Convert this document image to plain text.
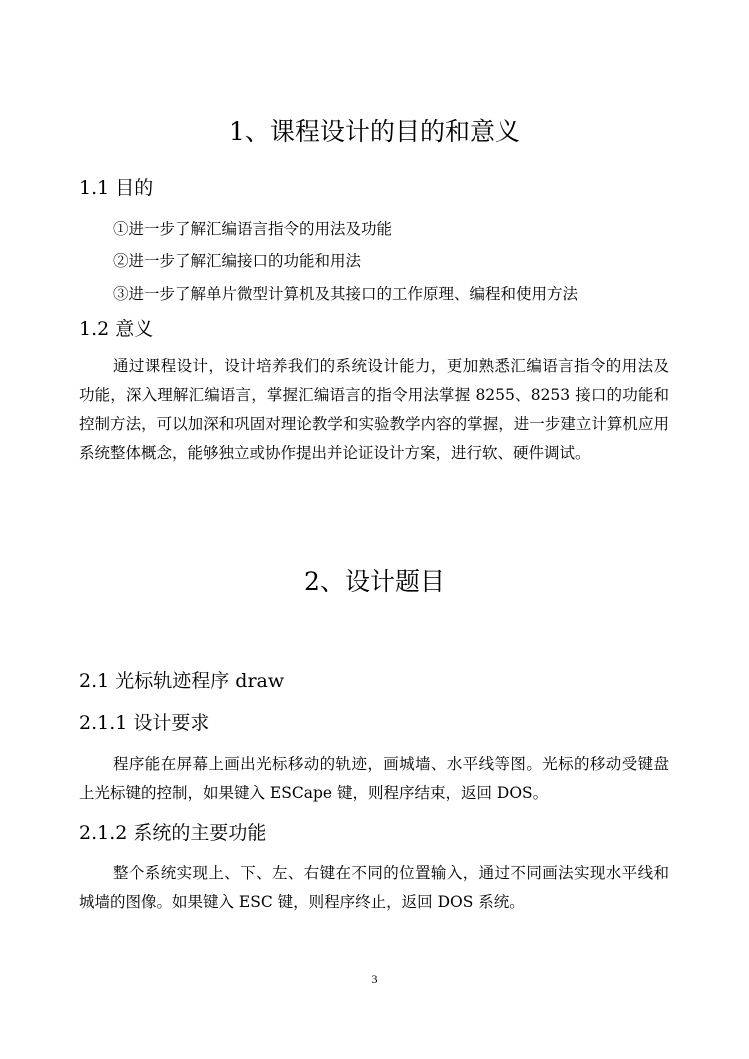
1、课程设计的目的和意义
1.1 目的
①进一步了解汇编语言指令的用法及功能
②进一步了解汇编接口的功能和用法
③进一步了解单片微型计算机及其接口的工作原理、编程和使用方法
1.2 意义
通过课程设计，设计培养我们的系统设计能力，更加熟悉汇编语言指令的用法及功能，深入理解汇编语言，掌握汇编语言的指令用法掌握 8255、8253 接口的功能和控制方法，可以加深和巩固对理论教学和实验教学内容的掌握，进一步建立计算机应用系统整体概念，能够独立或协作提出并论证设计方案，进行软、硬件调试。
2、设计题目
2.1 光标轨迹程序 draw
2.1.1 设计要求
程序能在屏幕上画出光标移动的轨迹，画城墙、水平线等图。光标的移动受键盘上光标键的控制，如果键入 ESCape 键，则程序结束，返回 DOS。
2.1.2 系统的主要功能
整个系统实现上、下、左、右键在不同的位置输入，通过不同画法实现水平线和城墙的图像。如果键入 ESC 键，则程序终止，返回 DOS 系统。
3
